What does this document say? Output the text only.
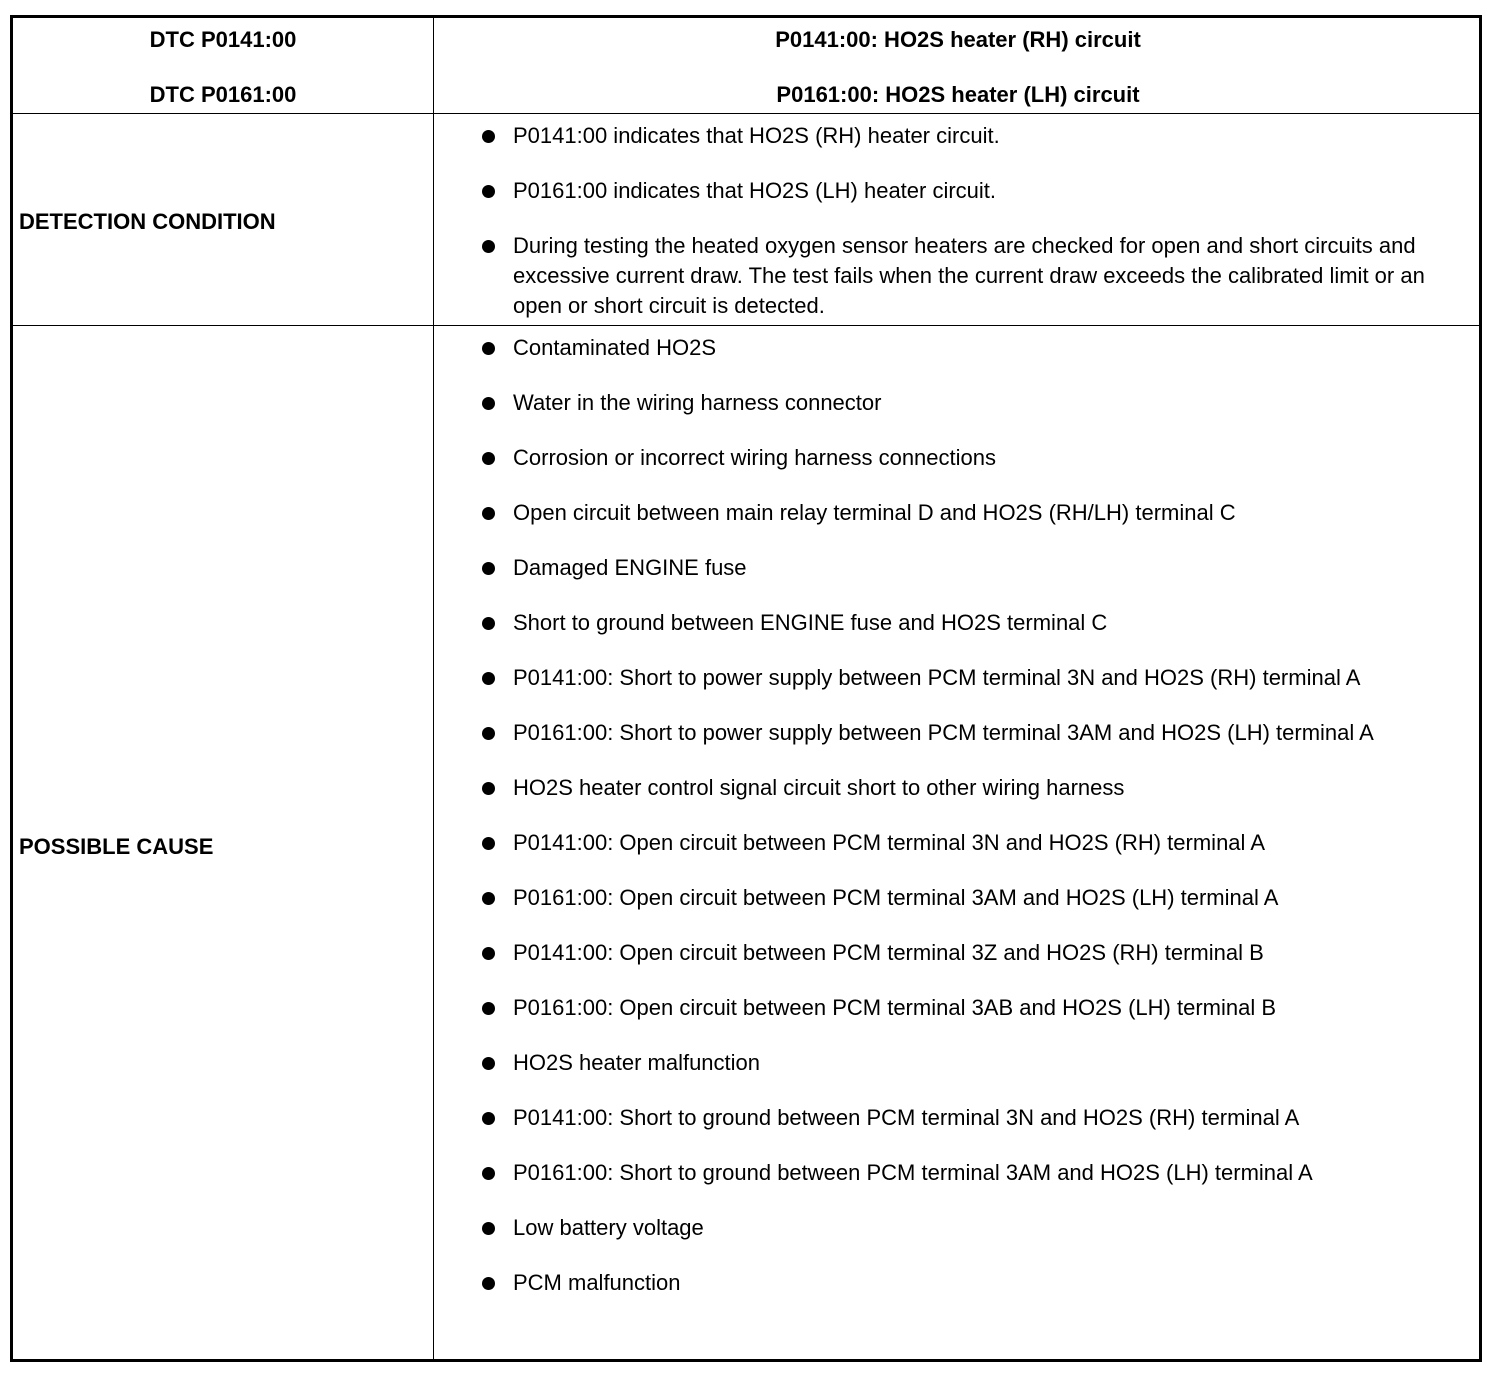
DTC P0141:00
DTC P0161:00
P0141:00: HO2S heater (RH) circuit
P0161:00: HO2S heater (LH) circuit
DETECTION CONDITION
P0141:00 indicates that HO2S (RH) heater circuit.
P0161:00 indicates that HO2S (LH) heater circuit.
During testing the heated oxygen sensor heaters are checked for open and short circuits and excessive current draw. The test fails when the current draw exceeds the calibrated limit or an open or short circuit is detected.
POSSIBLE CAUSE
Contaminated HO2S
Water in the wiring harness connector
Corrosion or incorrect wiring harness connections
Open circuit between main relay terminal D and HO2S (RH/LH) terminal C
Damaged ENGINE fuse
Short to ground between ENGINE fuse and HO2S terminal C
P0141:00: Short to power supply between PCM terminal 3N and HO2S (RH) terminal A
P0161:00: Short to power supply between PCM terminal 3AM and HO2S (LH) terminal A
HO2S heater control signal circuit short to other wiring harness
P0141:00: Open circuit between PCM terminal 3N and HO2S (RH) terminal A
P0161:00: Open circuit between PCM terminal 3AM and HO2S (LH) terminal A
P0141:00: Open circuit between PCM terminal 3Z and HO2S (RH) terminal B
P0161:00: Open circuit between PCM terminal 3AB and HO2S (LH) terminal B
HO2S heater malfunction
P0141:00: Short to ground between PCM terminal 3N and HO2S (RH) terminal A
P0161:00: Short to ground between PCM terminal 3AM and HO2S (LH) terminal A
Low battery voltage
PCM malfunction
